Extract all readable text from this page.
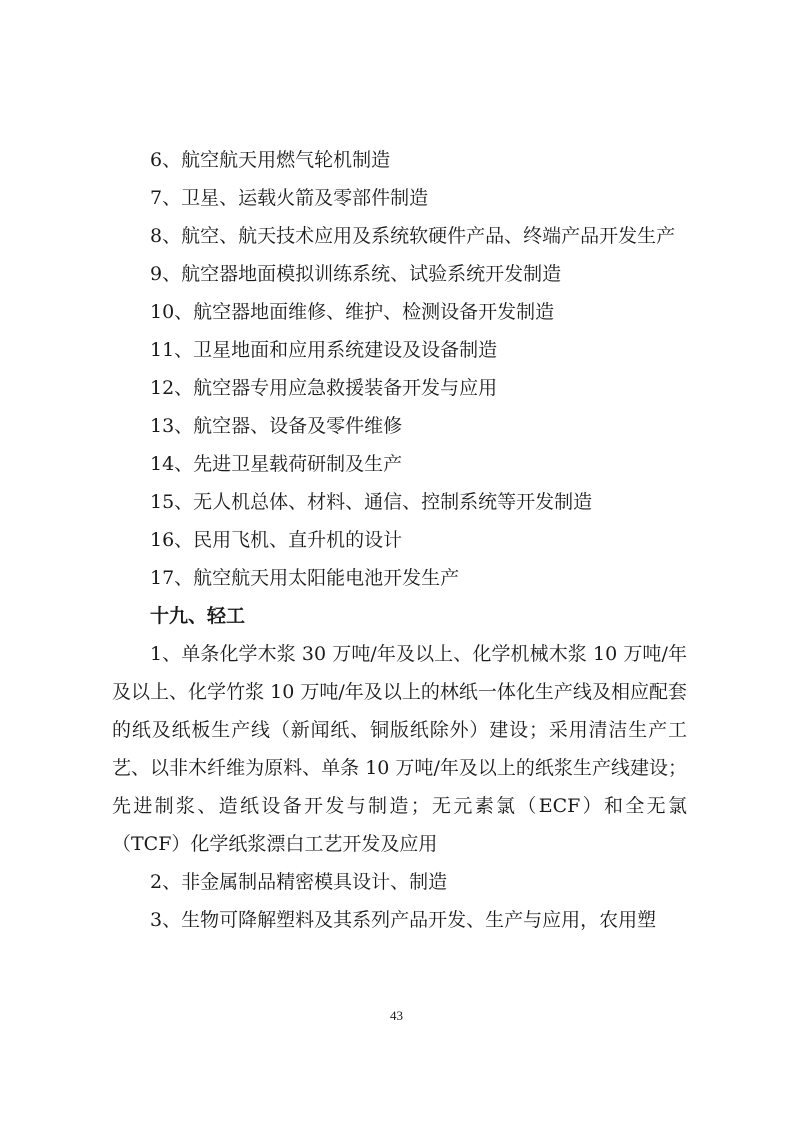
6、航空航天用燃气轮机制造

7、卫星、运载火箭及零部件制造

8、航空、航天技术应用及系统软硬件产品、终端产品开发生产

9、航空器地面模拟训练系统、试验系统开发制造

10、航空器地面维修、维护、检测设备开发制造

11、卫星地面和应用系统建设及设备制造

12、航空器专用应急救援装备开发与应用

13、航空器、设备及零件维修

14、先进卫星载荷研制及生产

15、无人机总体、材料、通信、控制系统等开发制造

16、民用飞机、直升机的设计

17、航空航天用太阳能电池开发生产

十九、轻工

1、单条化学木浆 30 万吨/年及以上、化学机械木浆 10 万吨/年及以上、化学竹浆 10 万吨/年及以上的林纸一体化生产线及相应配套的纸及纸板生产线（新闻纸、铜版纸除外）建设；采用清洁生产工艺、以非木纤维为原料、单条 10 万吨/年及以上的纸浆生产线建设；先进制浆、造纸设备开发与制造；无元素氯（ECF）和全无氯（TCF）化学纸浆漂白工艺开发及应用

2、非金属制品精密模具设计、制造

3、生物可降解塑料及其系列产品开发、生产与应用，农用塑

43
